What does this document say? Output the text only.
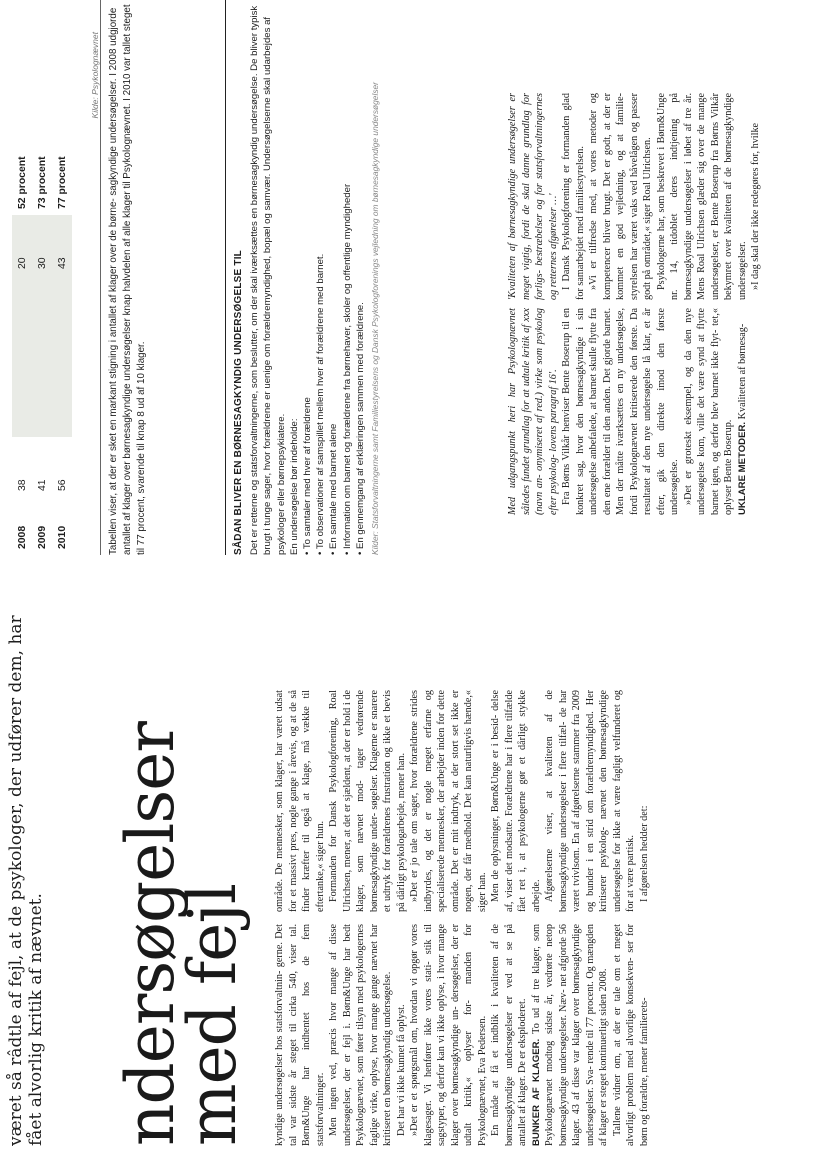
været så râdtle af fejl, at de psykologer, der udfører dem, har fået alvorlig kritik af nævnet. ndersøgelser
med fejl kyndige undersøgelser hos statsforvaltnin- gerne. Det tal var sidste år steget til cirka 540, viser tal. Børn&Unge har indhentet hos de fem statsforvaltninger. Men ingen ved, præcis hvor mange af disse undersøgelser, der er fejl i. Børn&Unge har bedt Psykolognævnet, som fører tilsyn med psykologernes faglige virke, oplyse, hvor mange gange nævnet har kritiseret en børnesagkyndig undersøgelse. Det har vi ikke kunnet få oplyst. »Det er et spørgsmål om, hvordan vi opgør vores klagesager. Vi henfører ikke vores stati- stik til sagstyper, og derfor kan vi ikke oplyse, i hvor mange klager over børnesagkyndige un- dersøgelser, der er udtalt kritik,« oplyser for- manden for Psykolognævnet, Eva Pedersen. En måde at få et indblik i kvaliteten af de børnesagkyndige undersøgelser er ved at se på antallet af klager. De er eksploderet. BUNKER AF KLAGER. To ud af tre klager, som Psykolognævnet modtog sidste år, vedrørte netop børnesagkyndige undersøgelser. Næv- net afgjorde 56 klager. 43 af disse var klager over børnesagkyndige undersøgelser. Sva- rende til 77 procent. Og mængden af klager er steget kontinuerligt siden 2008. Tallene vidner om, at der er tale om et meget alvorligt problem med alvorlige konsekven- ser for børn og forældre, mener familierets-

område. De mennesker, som klager, har været udsat for et massivt pres, nogle gange i årevis, og at de så finder kræfter til også at klage, må vække til eftertanke,« siger hun. Formanden for Dansk Psykologforening, Roal Ulrichsen, mener, at det er sjældent, at der er hold i de klager, som nævnet mod- tager vedrørende børnesagkyndige under- søgelser. Klagerne er snarere et udtryk for forældrenes frustration og ikke et bevis på dårligt psykologarbejde, mener han. »Det er jo tale om sager, hvor forældrene strides indbyrdes, og det er nogle meget erfarne og specialiserede mennesker, der arbejder inden for dette område. Det er mit indtryk, at der stort set ikke er nogen, der får medhold. Det kan naturligvis hænde,« siger han. Men de oplysninger, Børn&Unge er i besid- delse af, viser det modsatte. Forældrene har i flere tilfælde fået ret i, at psykologerne gør et dårligt stykke arbejde. Afgørelserne viser, at kvaliteten af de børnesagkyndige undersøgelser i flere tilfæl- de har været tvivlsom. En af afgørelserne stammer fra 2009 og bunder i en strid om forældremyndighed. Her kritiserer psykolog- nævnet den børnesagkyndige undersøgelse for ikke at være fagligt velfunderet og for at være partisk. I afgørelsen hedder det:

2008	38		20	52 procent
2009	41		30	73 procent
2010	56		43	77 procent
Kilde: Psykolognævnet Tabellen viser, at der er sket en markant stigning i antallet af klager over de børne- sagkyndige undersøgelser. I 2008 udgjorde antallet af klager over børnesagkyndige undersøgelser knap halvdelen af alle klager til Psykolognævnet. I 2010 var tallet steget til 77 procent, svarende til knap 8 ud af 10 klager.	SÅDAN BLIVER EN BØRNESAGKYNDIG UNDERSØGELSE TIL Det er retterne og statsforvaltningerne, som beslutter, om der skal iværksættes en børnesagkyndig undersøgelse. De bliver typisk brugt i tunge sager, hvor forældrene er uenige om forældremyndighed, bopæl og samvær. Undersøgelserne skal udarbejdes af psykologer eller børnepsykiatere. En undersøgelse bør indeholde: • To samtaler med hver af forældrene • To observationer af samspillet mellem hver af forældrene med barnet. • En samtale med barnet alene • Information om barnet og forældrene fra børnehaver, skoler og offentlige myndigheder • En gennemgang af erklæringen sammen med forældrene. Kilder: Statsforvaltningerne samt Familiestyrelsens og Dansk Psykologforenings vejledning om børnesagkyndige undersøgelser	Med udgangspunkt heri har Psykolognævnet således fundet grundlag for at udtale kritik af xxx (navn an- onymiseret af red.) virke som psykolog efter psykolog- lovens paragraf 16'. Fra Børns Vilkår henviser Bente Boserup til en konkret sag, hvor den børnesagkyndige i sin undersøgelse anbefalede, at barnet skulle flytte fra den ene forælder til den anden. Det gjorde barnet. Men der måtte iværksættes en ny undersøgelse, fordi Psykolognævnet kritiserede den første. Da resultatet af den nye undersøgelse lå klar, et år efter, gik den direkte imod den første undersøgelse. »Det er groteskt eksempel, og da den nye undersøgelse kom, ville det være synd at flytte barnet igen, og derfor blev barnet ikke flyt- tet,« oplyser Bente Boserup. UKLARE METODER. Kvaliteten af børnesag-

'Kvaliteten af børnesagkyndige undersøgelser er meget vigtig, fordi de skal danne grundlag for forligs- bestræbelser og for statsforvaltningernes og retternes afgørelser …' I Dansk Psykologforening er formanden glad for samarbejdet med familiestyrelsen. »Vi er tilfredse med, at vores metoder og kompetencer bliver brugt. Det er godt, at der er kommet en god vejledning, og at familie- styrelsen har været vaks ved håvelågen og passer godt på området,« siger Roal Ulrichsen. Psykologerne har, som beskrevet i Børn&Unge nr. 14, tidoblet deres indtjening på børnesagkyndige undersøgelser i løbet af tre år. Mens Roal Ulrichsen glæder sig over de mange undersøgelser, er Bente Boserup fra Børns Vilkår bekymret over kvaliteten af de børnesagkyndige undersøgelser. »I dag skal der ikke redegøres for, hvilke
